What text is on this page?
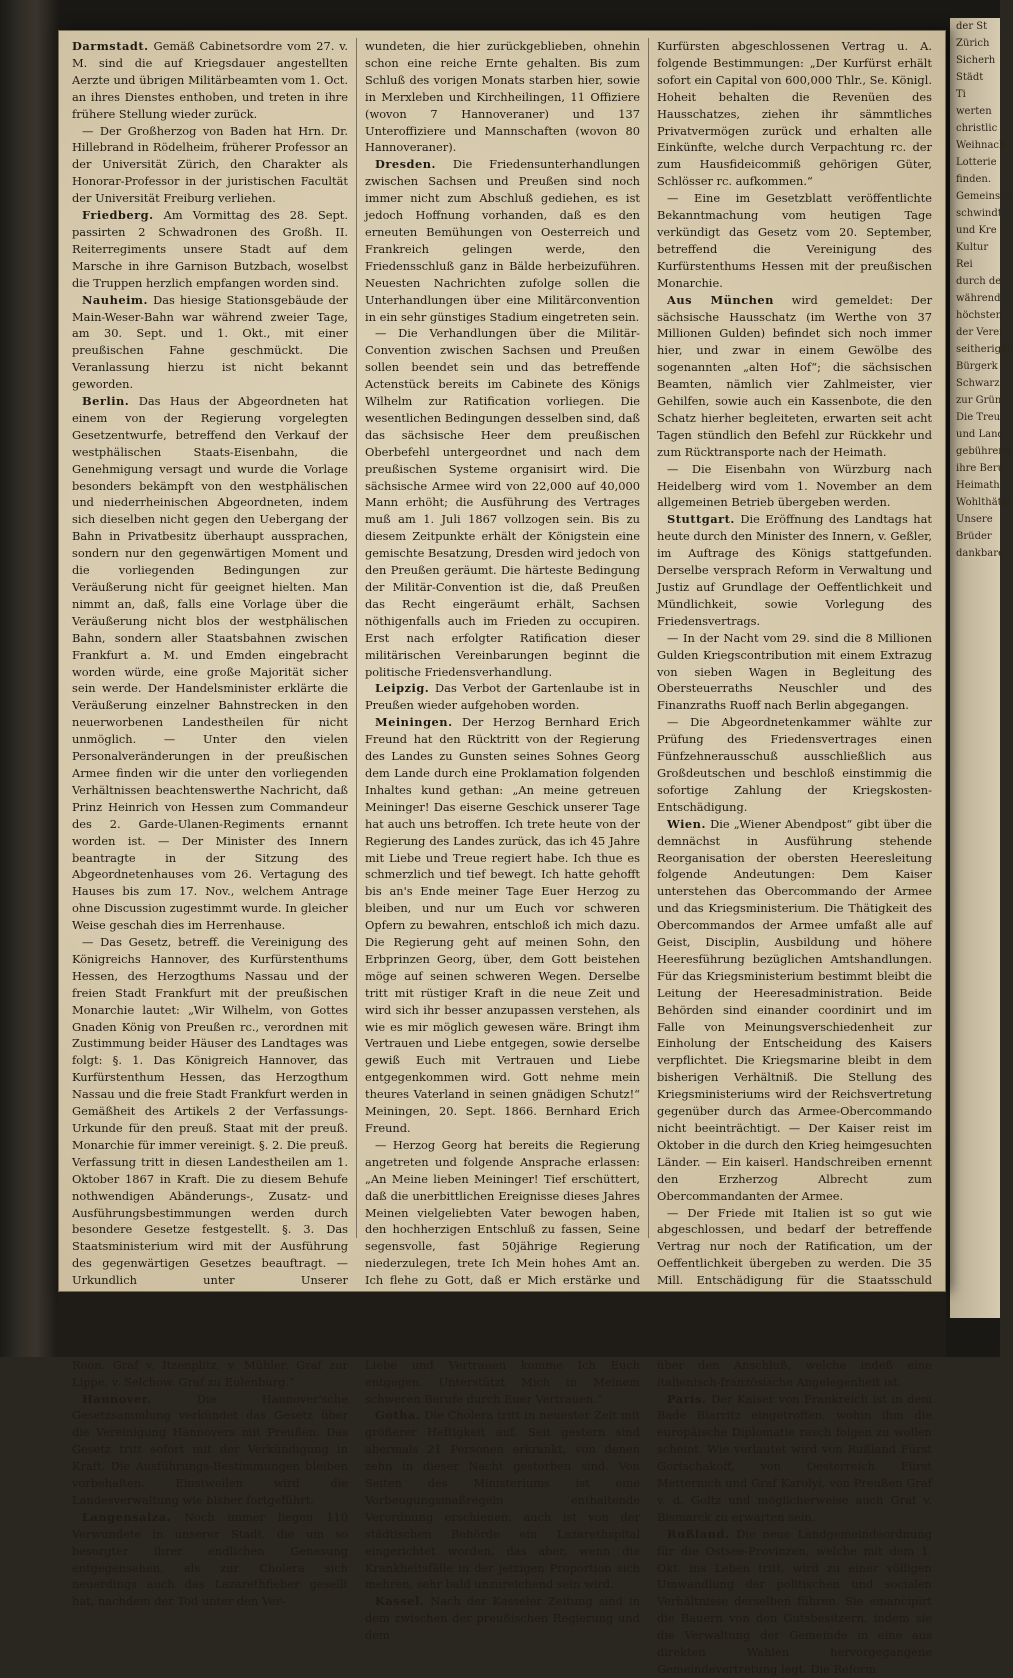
der St
Zürich
Sicherh
Städt
Ti
werten
christlic
Weihnach
Lotterie
finden.
Gemeinsch
schwindt
und Kre
Kultur
Rei
durch de
während
höchsten
der Verei
seitherigen
Bürgerk
Schwarz
zur Grün
Die Treu
und Land
gebührend
ihre Beru
Heimath
Wohlthätig
Unsere
Brüder
dankbare

Darmstadt. Gemäß Cabinetsordre vom 27. v. M. sind die auf Kriegsdauer angestellten Aerzte und übrigen Militärbeamten vom 1. Oct. an ihres Dienstes enthoben, und treten in ihre frühere Stellung wieder zurück.

— Der Großherzog von Baden hat Hrn. Dr. Hillebrand in Rödelheim, früherer Professor an der Universität Zürich, den Charakter als Honorar-Professor in der juristischen Facultät der Universität Freiburg verliehen.

Friedberg. Am Vormittag des 28. Sept. passirten 2 Schwadronen des Großh. II. Reiterregiments unsere Stadt auf dem Marsche in ihre Garnison Butzbach, woselbst die Truppen herzlich empfangen worden sind.

Nauheim. Das hiesige Stationsgebäude der Main-Weser-Bahn war während zweier Tage, am 30. Sept. und 1. Okt., mit einer preußischen Fahne geschmückt. Die Veranlassung hierzu ist nicht bekannt geworden.

Berlin. Das Haus der Abgeordneten hat einem von der Regierung vorgelegten Gesetzentwurfe, betreffend den Verkauf der westphälischen Staats-Eisenbahn, die Genehmigung versagt und wurde die Vorlage besonders bekämpft von den westphälischen und niederrheinischen Abgeordneten, indem sich dieselben nicht gegen den Uebergang der Bahn in Privatbesitz überhaupt aussprachen, sondern nur den gegenwärtigen Moment und die vorliegenden Bedingungen zur Veräußerung nicht für geeignet hielten. Man nimmt an, daß, falls eine Vorlage über die Veräußerung nicht blos der westphälischen Bahn, sondern aller Staatsbahnen zwischen Frankfurt a. M. und Emden eingebracht worden würde, eine große Majorität sicher sein werde. Der Handelsminister erklärte die Veräußerung einzelner Bahnstrecken in den neuerworbenen Landestheilen für nicht unmöglich. — Unter den vielen Personalveränderungen in der preußischen Armee finden wir die unter den vorliegenden Verhältnissen beachtenswerthe Nachricht, daß Prinz Heinrich von Hessen zum Commandeur des 2. Garde-Ulanen-Regiments ernannt worden ist. — Der Minister des Innern beantragte in der Sitzung des Abgeordnetenhauses vom 26. Vertagung des Hauses bis zum 17. Nov., welchem Antrage ohne Discussion zugestimmt wurde. In gleicher Weise geschah dies im Herrenhause.

— Das Gesetz, betreff. die Vereinigung des Königreichs Hannover, des Kurfürstenthums Hessen, des Herzogthums Nassau und der freien Stadt Frankfurt mit der preußischen Monarchie lautet: „Wir Wilhelm, von Gottes Gnaden König von Preußen rc., verordnen mit Zustimmung beider Häuser des Landtages was folgt: §. 1. Das Königreich Hannover, das Kurfürstenthum Hessen, das Herzogthum Nassau und die freie Stadt Frankfurt werden in Gemäßheit des Artikels 2 der Verfassungs-Urkunde für den preuß. Staat mit der preuß. Monarchie für immer vereinigt. §. 2. Die preuß. Verfassung tritt in diesen Landestheilen am 1. Oktober 1867 in Kraft. Die zu diesem Behufe nothwendigen Abänderungs-, Zusatz- und Ausführungsbestimmungen werden durch besondere Gesetze festgestellt. §. 3. Das Staatsministerium wird mit der Ausführung des gegenwärtigen Gesetzes beauftragt. — Urkundlich unter Unserer Roon. Graf v. Itzenplitz. v. Mühler. Graf zur Lippe. v. Selchow. Graf zu Eulenburg.“

Hannover.	Die Hannover'sche Gesetzsammlung verkündet das Gesetz über die Vereinigung Hannovers mit Preußen. Das Gesetz tritt sofort mit der Verkündigung in Kraft. Die Ausführungs-Bestimmungen bleiben vorbehalten. Einstweilen wird die Landesverwaltung wie bisher fortgeführt.

Langensalza. Noch immer liegen 110 Verwundete in unserer Stadt, die um so besorgter ihrer endlichen Genesung entgegensehen, als zur Cholera sich neuerdings auch das Lazarethfieber gesellt hat, nachdem der Tod unter den Ver-

wundeten, die hier zurückgeblieben, ohnehin schon eine reiche Ernte gehalten. Bis zum Schluß des vorigen Monats starben hier, sowie in Merxleben und Kirchheilingen, 11 Offiziere (wovon 7 Hannoveraner) und 137 Unteroffiziere und Mannschaften (wovon 80 Hannoveraner).

Dresden. Die Friedensunterhandlungen zwischen Sachsen und Preußen sind noch immer nicht zum Abschluß gediehen, es ist jedoch Hoffnung vorhanden, daß es den erneuten Bemühungen von Oesterreich und Frankreich gelingen werde, den Friedensschluß ganz in Bälde herbeizuführen. Neuesten Nachrichten zufolge sollen die Unterhandlungen über eine Militärconvention in ein sehr günstiges Stadium eingetreten sein.

— Die Verhandlungen über die Militär-Convention zwischen Sachsen und Preußen sollen beendet sein und das betreffende Actenstück bereits im Cabinete des Königs Wilhelm zur Ratification vorliegen. Die wesentlichen Bedingungen desselben sind, daß das sächsische Heer dem preußischen Oberbefehl untergeordnet und nach dem preußischen Systeme organisirt wird. Die sächsische Armee wird von 22,000 auf 40,000 Mann erhöht; die Ausführung des Vertrages muß am 1. Juli 1867 vollzogen sein. Bis zu diesem Zeitpunkte erhält der Königstein eine gemischte Besatzung, Dresden wird jedoch von den Preußen geräumt. Die härteste Bedingung der Militär-Convention ist die, daß Preußen das Recht eingeräumt erhält, Sachsen nöthigenfalls auch im Frieden zu occupiren. Erst nach erfolgter Ratification dieser militärischen Vereinbarungen beginnt die politische Friedensverhandlung.

Leipzig. Das Verbot der Gartenlaube ist in Preußen wieder aufgehoben worden.

Meiningen. Der Herzog Bernhard Erich Freund hat den Rücktritt von der Regierung des Landes zu Gunsten seines Sohnes Georg dem Lande durch eine Proklamation folgenden Inhaltes kund gethan: „An meine getreuen Meininger! Das eiserne Geschick unserer Tage hat auch uns betroffen. Ich trete heute von der Regierung des Landes zurück, das ich 45 Jahre mit Liebe und Treue regiert habe. Ich thue es schmerzlich und tief bewegt. Ich hatte gehofft bis an's Ende meiner Tage Euer Herzog zu bleiben, und nur um Euch vor schweren Opfern zu bewahren, entschloß ich mich dazu. Die Regierung geht auf meinen Sohn, den Erbprinzen Georg, über, dem Gott beistehen möge auf seinen schweren Wegen. Derselbe tritt mit rüstiger Kraft in die neue Zeit und wird sich ihr besser anzupassen verstehen, als wie es mir möglich gewesen wäre. Bringt ihm Vertrauen und Liebe entgegen, sowie derselbe gewiß Euch mit Vertrauen und Liebe entgegenkommen wird. Gott nehme mein theures Vaterland in seinen gnädigen Schutz!“ Meiningen, 20. Sept. 1866. Bernhard Erich Freund.

— Herzog Georg hat bereits die Regierung angetreten und folgende Ansprache erlassen: „An Meine lieben Meininger! Tief erschüttert, daß die unerbittlichen Ereignisse dieses Jahres Meinen vielgeliebten Vater bewogen haben, den hochherzigen Entschluß zu fassen, Seine segensvolle, fast 50jährige Regierung niederzulegen, trete Ich Mein hohes Amt an. Ich flehe zu Gott, daß er Mich erstärke und Liebe und Vertrauen komme Ich Euch entgegen. Unterstützt Mich in Meinem schweren Berufe durch Euer Vertrauen.“

Gotha. Die Cholera tritt in neuester Zeit mit größerer Heftigkeit auf. Seit gestern sind abermals 21 Personen erkrankt, von denen zehn in dieser Nacht gestorben sind. Von Seiten des Ministeriums ist eine Vorbeugungsmaßregeln enthaltende Verordnung erschienen, auch ist von der städtischen Behörde ein Lazarethspital eingerichtet worden, das aber, wenn die Krankheitsfälle in der jetzigen Proportion sich mehren, sehr bald unzureichend sein wird.

Kassel. Nach der Kasseler Zeitung sind in dem zwischen der preußischen Regierung und dem

Kurfürsten abgeschlossenen Vertrag u. A. folgende Bestimmungen: „Der Kurfürst erhält sofort ein Capital von 600,000 Thlr., Se. Königl. Hoheit behalten die Revenüen des Hausschatzes, ziehen ihr sämmtliches Privatvermögen zurück und erhalten alle Einkünfte, welche durch Verpachtung rc. der zum Hausfideicommiß gehörigen Güter, Schlösser rc. aufkommen.“

— Eine im Gesetzblatt veröffentlichte Bekanntmachung vom heutigen Tage verkündigt das Gesetz vom 20. September, betreffend die Vereinigung des Kurfürstenthums Hessen mit der preußischen Monarchie.

Aus München wird gemeldet: Der sächsische Hausschatz (im Werthe von 37 Millionen Gulden) befindet sich noch immer hier, und zwar in einem Gewölbe des sogenannten „alten Hof“; die sächsischen Beamten, nämlich vier Zahlmeister, vier Gehilfen, sowie auch ein Kassenbote, die den Schatz hierher begleiteten, erwarten seit acht Tagen stündlich den Befehl zur Rückkehr und zum Rücktransporte nach der Heimath.

— Die Eisenbahn von Würzburg nach Heidelberg wird vom 1. November an dem allgemeinen Betrieb übergeben werden.

Stuttgart. Die Eröffnung des Landtags hat heute durch den Minister des Innern, v. Geßler, im Auftrage des Königs stattgefunden. Derselbe versprach Reform in Verwaltung und Justiz auf Grundlage der Oeffentlichkeit und Mündlichkeit, sowie Vorlegung des Friedensvertrags.

— In der Nacht vom 29. sind die 8 Millionen Gulden Kriegscontribution mit einem Extrazug von sieben Wagen in Begleitung des Obersteuerraths Neuschler und des Finanzraths Ruoff nach Berlin abgegangen.

— Die Abgeordnetenkammer wählte zur Prüfung des Friedensvertrages einen Fünfzehnerausschuß ausschließlich aus Großdeutschen und beschloß einstimmig die sofortige Zahlung der Kriegskosten-Entschädigung.

Wien. Die „Wiener Abendpost“ gibt über die demnächst in Ausführung stehende Reorganisation der obersten Heeresleitung folgende Andeutungen: Dem Kaiser unterstehen das Obercommando der Armee und das Kriegsministerium. Die Thätigkeit des Obercommandos der Armee umfaßt alle auf Geist, Disciplin, Ausbildung und höhere Heeresführung bezüglichen Amtshandlungen. Für das Kriegsministerium bestimmt bleibt die Leitung der Heeresadministration. Beide Behörden sind einander coordinirt und im Falle von Meinungsverschiedenheit zur Einholung der Entscheidung des Kaisers verpflichtet. Die Kriegsmarine bleibt in dem bisherigen Verhältniß. Die Stellung des Kriegsministeriums wird der Reichsvertretung gegenüber durch das Armee-Obercommando nicht beeinträchtigt. — Der Kaiser reist im Oktober in die durch den Krieg heimgesuchten Länder. — Ein kaiserl. Handschreiben ernennt den Erzherzog Albrecht zum Obercommandanten der Armee.

— Der Friede mit Italien ist so gut wie abgeschlossen, und bedarf der betreffende Vertrag nur noch der Ratification, um der Oeffentlichkeit übergeben zu werden. Die 35 Mill. Entschädigung für die Staatsschuld über den Anschluß, welche indeß eine italienisch-französische Angelegenheit ist.

Paris. Der Kaiser von Frankreich ist in dem Bade Biarritz eingetroffen, wohin ihm die europäische Diplomatie rasch folgen zu wollen scheint. Wie verlautet wird von Rußland Fürst Gortschakoff, von Oesterreich Fürst Metternich und Graf Karolyi, von Preußen Graf v. d. Goltz und möglicherweise auch Graf v. Bismarck zu erwarten sein.

Rußland. Die neue Landgemeindeordnung für die Ostsee-Provinzen, welche mit dem 1. Okt. ins Leben tritt, wird zu einer völligen Umwandlung der politischen und socialen Verhältnisse derselben führen. Sie emancipirt die Bauern von den Gutsbesitzern, indem sie die Verwaltung der Gemeinde in eine aus direkten Wahlen hervorgegangene Gemeindevertretung legt. Die Reform
